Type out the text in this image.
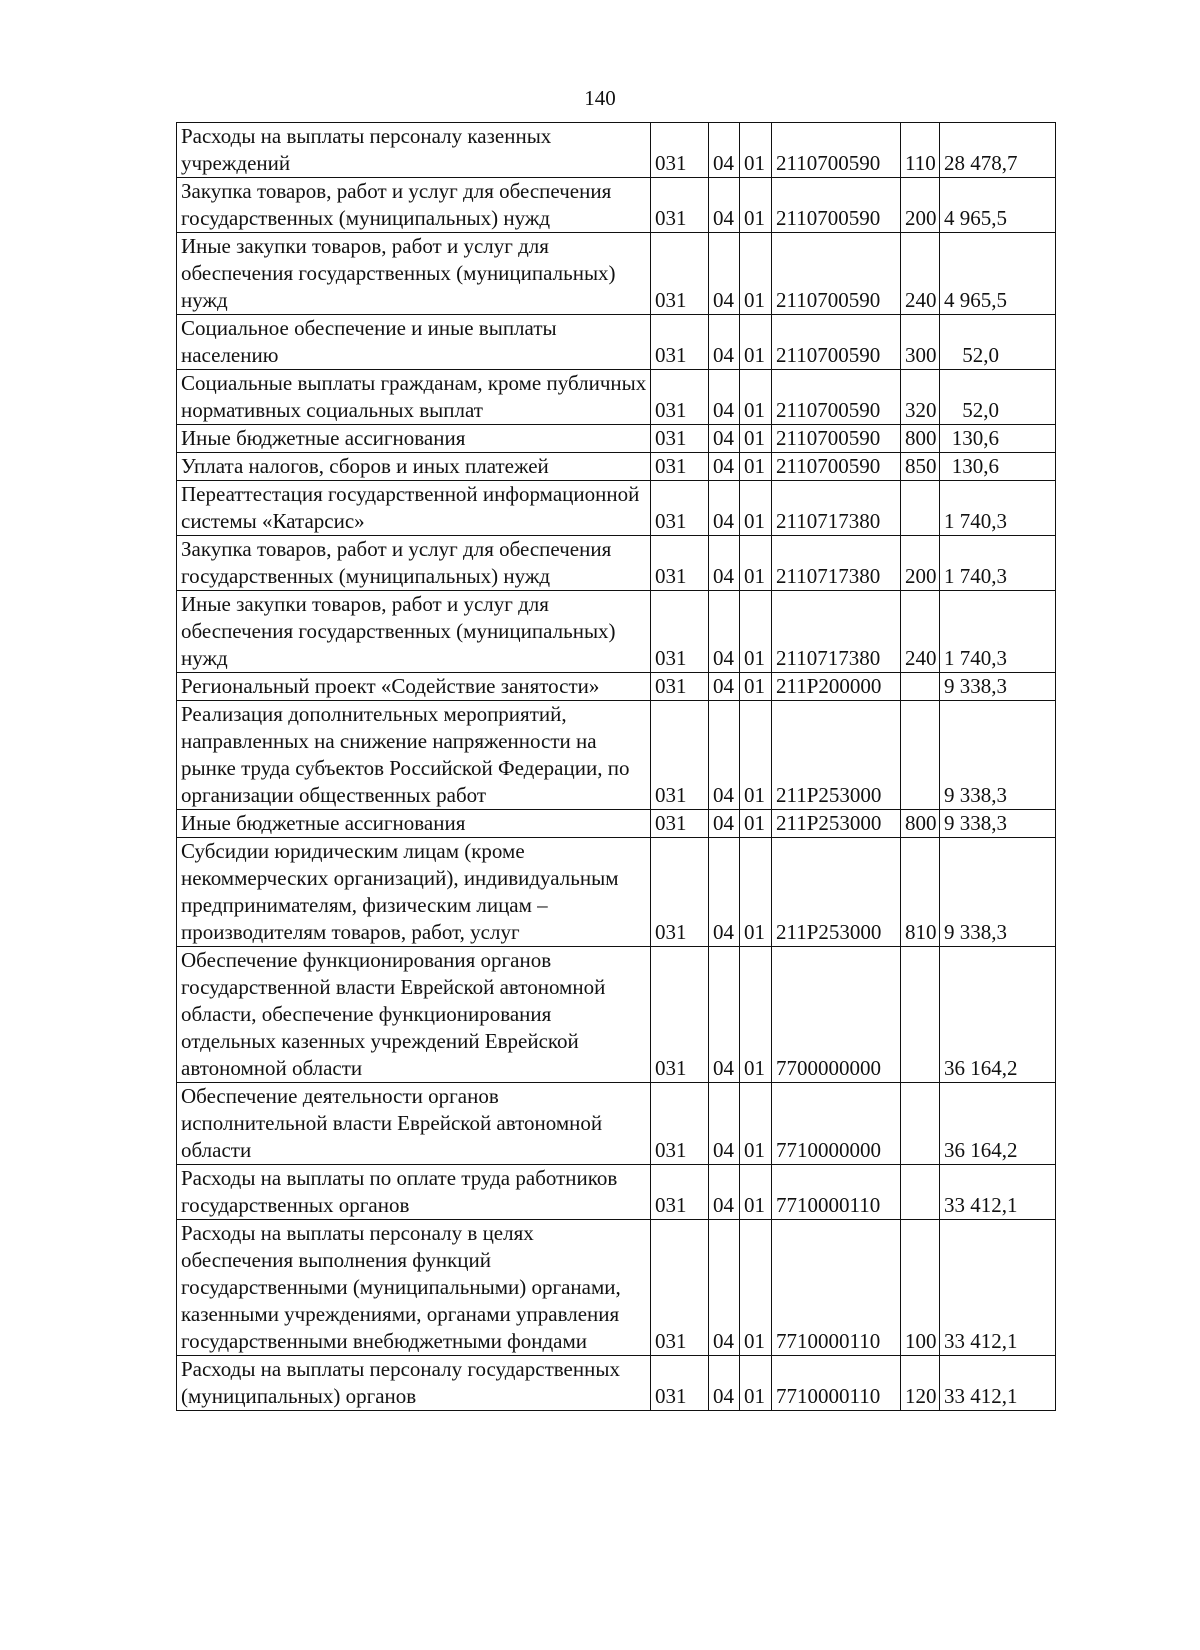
140
Расходы на выплаты персоналу казенных учреждений	031	04	01	2110700590	110	28 478,7
Закупка товаров, работ и услуг для обеспечения государственных (муниципальных) нужд	031	04	01	2110700590	200	4 965,5
Иные закупки товаров, работ и услуг для обеспечения государственных (муниципальных) нужд	031	04	01	2110700590	240	4 965,5
Социальное обеспечение и иные выплаты населению	031	04	01	2110700590	300	52,0
Социальные выплаты гражданам, кроме публичных нормативных социальных выплат	031	04	01	2110700590	320	52,0
Иные бюджетные ассигнования	031	04	01	2110700590	800	130,6
Уплата налогов, сборов и иных платежей	031	04	01	2110700590	850	130,6
Переаттестация государственной информационной системы «Катарсис»	031	04	01	2110717380		1 740,3
Закупка товаров, работ и услуг для обеспечения государственных (муниципальных) нужд	031	04	01	2110717380	200	1 740,3
Иные закупки товаров, работ и услуг для обеспечения государственных (муниципальных) нужд	031	04	01	2110717380	240	1 740,3
Региональный проект «Содействие занятости»	031	04	01	211P200000		9 338,3
Реализация дополнительных мероприятий, направленных на снижение напряженности на рынке труда субъектов Российской Федерации, по организации общественных работ	031	04	01	211P253000		9 338,3
Иные бюджетные ассигнования	031	04	01	211P253000	800	9 338,3
Субсидии юридическим лицам (кроме некоммерческих организаций), индивидуальным предпринимателям, физическим лицам – производителям товаров, работ, услуг	031	04	01	211P253000	810	9 338,3
Обеспечение функционирования органов государственной власти Еврейской автономной области, обеспечение функционирования отдельных казенных учреждений Еврейской автономной области	031	04	01	7700000000		36 164,2
Обеспечение деятельности органов исполнительной власти Еврейской автономной области	031	04	01	7710000000		36 164,2
Расходы на выплаты по оплате труда работников государственных органов	031	04	01	7710000110		33 412,1
Расходы на выплаты персоналу в целях обеспечения выполнения функций государственными (муниципальными) органами, казенными учреждениями, органами управления государственными внебюджетными фондами	031	04	01	7710000110	100	33 412,1
Расходы на выплаты персоналу государственных (муниципальных) органов	031	04	01	7710000110	120	33 412,1
